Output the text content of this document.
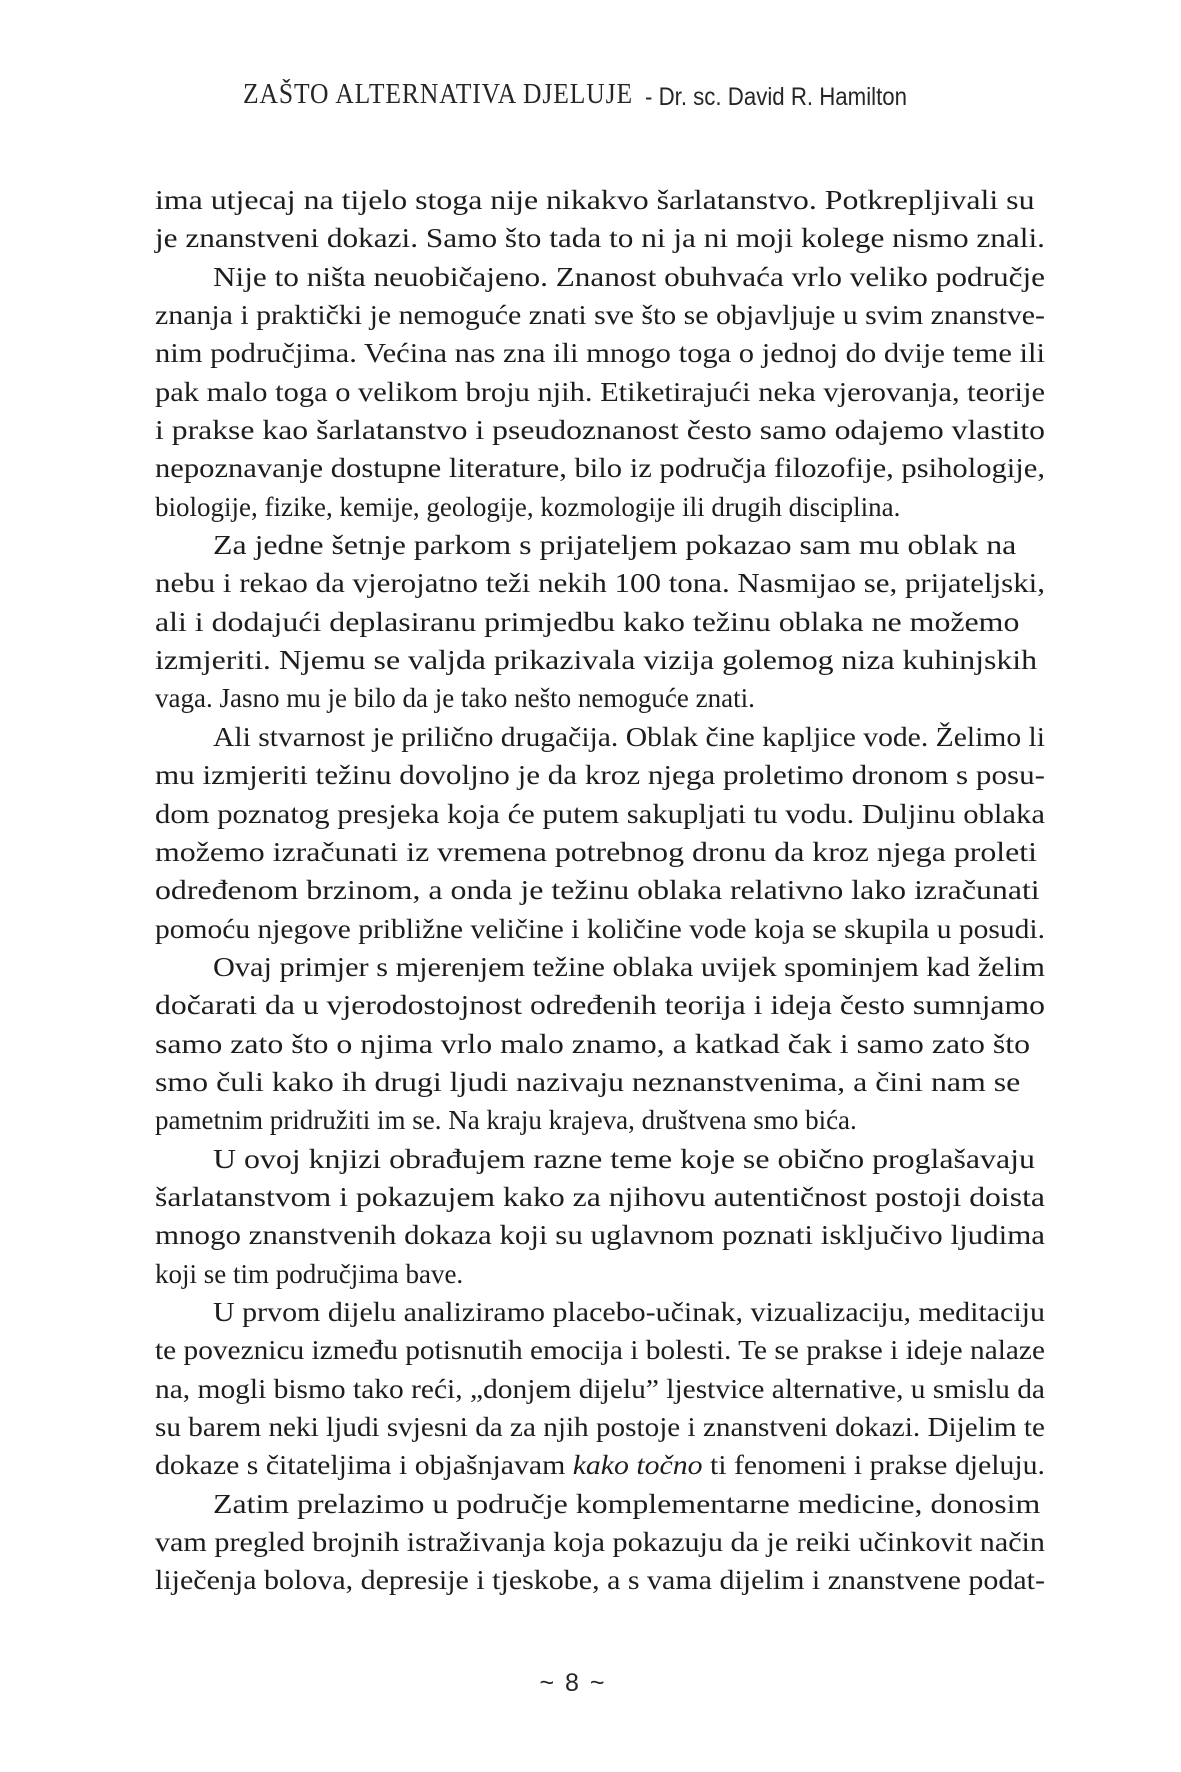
ZAŠTO ALTERNATIVA DJELUJE - Dr. sc. David R. Hamilton
ima utjecaj na tijelo stoga nije nikakvo šarlatanstvo. Potkrepljivali su
je znanstveni dokazi. Samo što tada to ni ja ni moji kolege nismo znali.
Nije to ništa neuobičajeno. Znanost obuhvaća vrlo veliko područje
znanja i praktički je nemoguće znati sve što se objavljuje u svim znanstve-
nim područjima. Većina nas zna ili mnogo toga o jednoj do dvije teme ili
pak malo toga o velikom broju njih. Etiketirajući neka vjerovanja, teorije
i prakse kao šarlatanstvo i pseudoznanost često samo odajemo vlastito
nepoznavanje dostupne literature, bilo iz područja filozofije, psihologije,
biologije, fizike, kemije, geologije, kozmologije ili drugih disciplina.
Za jedne šetnje parkom s prijateljem pokazao sam mu oblak na
nebu i rekao da vjerojatno teži nekih 100 tona. Nasmijao se, prijateljski,
ali i dodajući deplasiranu primjedbu kako težinu oblaka ne možemo
izmjeriti. Njemu se valjda prikazivala vizija golemog niza kuhinjskih
vaga. Jasno mu je bilo da je tako nešto nemoguće znati.
Ali stvarnost je prilično drugačija. Oblak čine kapljice vode. Želimo li
mu izmjeriti težinu dovoljno je da kroz njega proletimo dronom s posu-
dom poznatog presjeka koja će putem sakupljati tu vodu. Duljinu oblaka
možemo izračunati iz vremena potrebnog dronu da kroz njega proleti
određenom brzinom, a onda je težinu oblaka relativno lako izračunati
pomoću njegove približne veličine i količine vode koja se skupila u posudi.
Ovaj primjer s mjerenjem težine oblaka uvijek spominjem kad želim
dočarati da u vjerodostojnost određenih teorija i ideja često sumnjamo
samo zato što o njima vrlo malo znamo, a katkad čak i samo zato što
smo čuli kako ih drugi ljudi nazivaju neznanstvenima, a čini nam se
pametnim pridružiti im se. Na kraju krajeva, društvena smo bića.
U ovoj knjizi obrađujem razne teme koje se obično proglašavaju
šarlatanstvom i pokazujem kako za njihovu autentičnost postoji doista
mnogo znanstvenih dokaza koji su uglavnom poznati isključivo ljudima
koji se tim područjima bave.
U prvom dijelu analiziramo placebo-učinak, vizualizaciju, meditaciju
te poveznicu između potisnutih emocija i bolesti. Te se prakse i ideje nalaze
na, mogli bismo tako reći, „donjem dijelu” ljestvice alternative, u smislu da
su barem neki ljudi svjesni da za njih postoje i znanstveni dokazi. Dijelim te
dokaze s čitateljima i objašnjavam kako točno ti fenomeni i prakse djeluju.
Zatim prelazimo u područje komplementarne medicine, donosim
vam pregled brojnih istraživanja koja pokazuju da je reiki učinkovit način
liječenja bolova, depresije i tjeskobe, a s vama dijelim i znanstvene podat-
~ 8 ~
